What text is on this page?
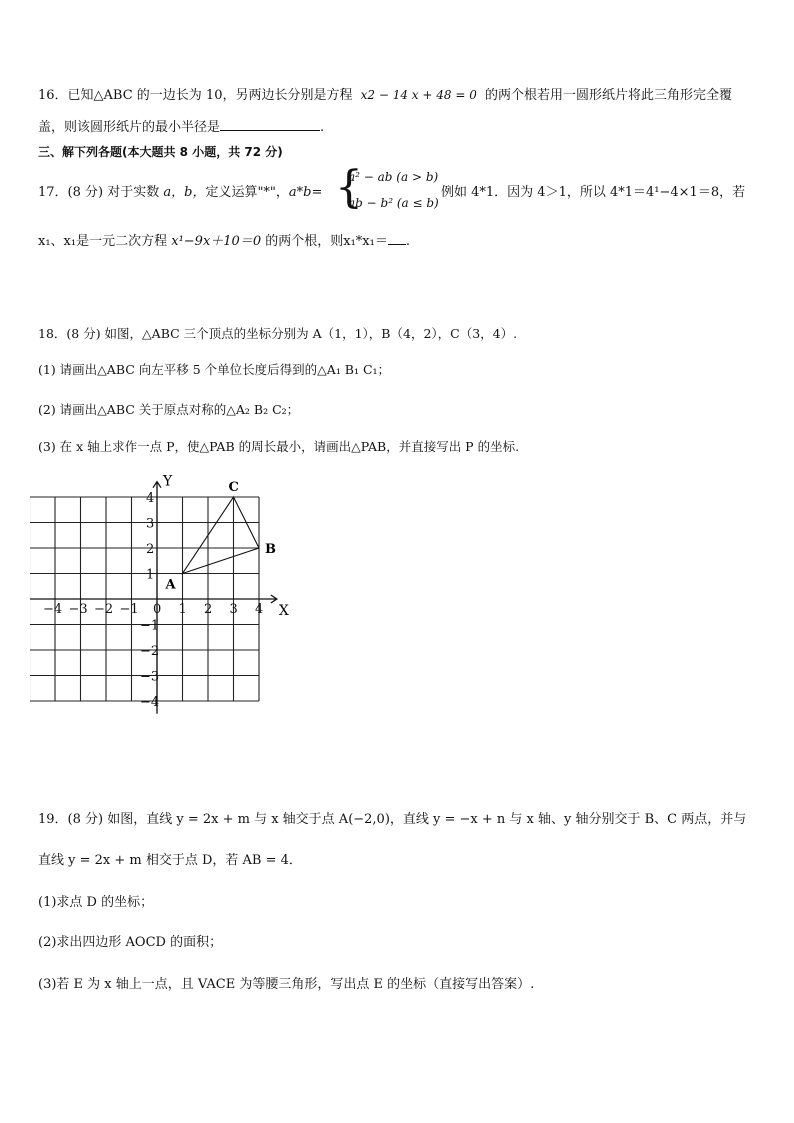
16．已知△ABC 的一边长为 10，另两边长分别是方程 x2 − 14 x + 48 = 0 的两个根若用一圆形纸片将此三角形完全覆
盖，则该圆形纸片的最小半径是	.
三、解下列各题(本大题共 8 小题，共 72 分)
17．(8 分) 对于实数 a，b，定义运算"*"，a*b= {
a² − ab (a > b)
ab − b² (a ≤ b)
例如 4*1．因为 4＞1，所以 4*1＝4¹−4×1＝8，若
x₁、x₁是一元二次方程 x¹−9x＋10＝0 的两个根，则x₁*x₁＝ .
18．(8 分) 如图，△ABC 三个顶点的坐标分别为 A（1，1），B（4，2），C（3，4）.
(1) 请画出△ABC 向左平移 5 个单位长度后得到的△A₁ B₁ C₁；
(2) 请画出△ABC 关于原点对称的△A₂ B₂ C₂；
(3) 在 x 轴上求作一点 P，使△PAB 的周长最小，请画出△PAB，并直接写出 P 的坐标.
−4 −3 −2 −1 0 1 2 3 4
4
3
2
1
−1
−2
−3
−4
A
B
C
X
Y
19．(8 分) 如图，直线 y = 2x + m 与 x 轴交于点 A(−2,0)，直线 y = −x + n 与 x 轴、y 轴分别交于 B、C 两点，并与
直线 y = 2x + m 相交于点 D，若 AB = 4．
(1)求点 D 的坐标；
(2)求出四边形 AOCD 的面积；
(3)若 E 为 x 轴上一点，且 VACE 为等腰三角形，写出点 E 的坐标（直接写出答案）.
